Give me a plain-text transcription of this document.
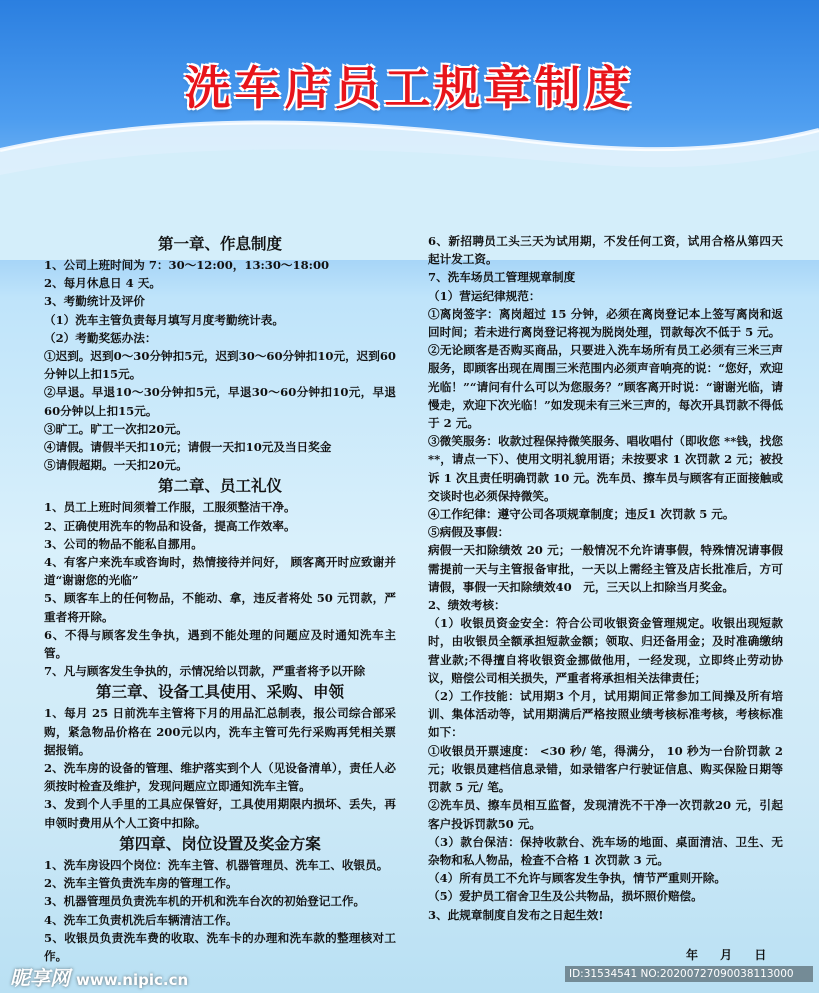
洗车店员工规章制度
第一章、作息制度
1、公司上班时间为 7：30～12:00，13:30～18:00
2、每月休息日 4 天。
3、考勤统计及评价
（1）洗车主管负责每月填写月度考勤统计表。
（2）考勤奖惩办法：
①迟到。迟到0～30分钟扣5元，迟到30～60分钟扣10元，迟到60分钟以上扣15元。
②早退。早退10～30分钟扣5元，早退30～60分钟扣10元，早退60分钟以上扣15元。
③旷工。旷工一次扣20元。
④请假。请假半天扣10元；请假一天扣10元及当日奖金
⑤请假超期。一天扣20元。
第二章、员工礼仪
1、员工上班时间须着工作服，工服须整洁干净。
2、正确使用洗车的物品和设备，提高工作效率。
3、公司的物品不能私自挪用。
4、有客户来洗车或咨询时，热情接待并问好， 顾客离开时应致谢并道“谢谢您的光临”
5、顾客车上的任何物品，不能动、拿，违反者将处 50 元罚款，严重者将开除。
6、不得与顾客发生争执，遇到不能处理的问题应及时通知洗车主管。
7、凡与顾客发生争执的，示情况给以罚款，严重者将予以开除
第三章、设备工具使用、采购、申领
1、每月 25 日前洗车主管将下月的用品汇总制表，报公司综合部采购，紧急物品价格在 200元以内，洗车主管可先行采购再凭相关票据报销。
2、洗车房的设备的管理、维护落实到个人（见设备清单），责任人必须按时检查及维护，发现问题应立即通知洗车主管。
3、发到个人手里的工具应保管好，工具使用期限内损坏、丢失，再申领时费用从个人工资中扣除。
第四章、岗位设置及奖金方案
1、洗车房设四个岗位：洗车主管、机器管理员、洗车工、收银员。
2、洗车主管负责洗车房的管理工作。
3、机器管理员负责洗车机的开机和洗车台次的初始登记工作。
4、洗车工负责机洗后车辆清洁工作。
5、收银员负责洗车费的收取、洗车卡的办理和洗车款的整理核对工作。
6、新招聘员工头三天为试用期，不发任何工资，试用合格从第四天起计发工资。
7、洗车场员工管理规章制度
（1）营运纪律规范：
①离岗签字：离岗超过 15 分钟，必须在离岗登记本上签写离岗和返回时间；若未进行离岗登记将视为脱岗处理，罚款每次不低于 5 元。
②无论顾客是否购买商品，只要进入洗车场所有员工必须有三米三声服务，即顾客出现在周围三米范围内必须声音响亮的说：“您好，欢迎光临！”“请问有什么可以为您服务？”顾客离开时说：“谢谢光临，请慢走，欢迎下次光临！”如发现未有三米三声的，每次开具罚款不得低于 2 元。
③微笑服务：收款过程保持微笑服务、唱收唱付（即收您 **钱，找您 **，请点一下）、使用文明礼貌用语；未按要求 1 次罚款 2 元；被投诉 1 次且责任明确罚款 10 元。洗车员、擦车员与顾客有正面接触或交谈时也必须保持微笑。
④工作纪律：遵守公司各项规章制度；违反1 次罚款 5 元。
⑤病假及事假：
病假一天扣除绩效 20 元；一般情况不允许请事假，特殊情况请事假需提前一天与主管报备审批，一天以上需经主管及店长批准后，方可请假，事假一天扣除绩效40　元，三天以上扣除当月奖金。
2、绩效考核：
（1）收银员资金安全：符合公司收银资金管理规定。收银出现短款时，由收银员全额承担短款金额；领取、归还备用金；及时准确缴纳营业款;不得擅自将收银资金挪做他用，一经发现，立即终止劳动协议，赔偿公司相关损失，严重者将承担相关法律责任；
（2）工作技能：试用期3 个月，试用期间正常参加工间操及所有培训、集体活动等，试用期满后严格按照业绩考核标准考核，考核标准如下：
①收银员开票速度： <30 秒/ 笔，得满分， 10 秒为一台阶罚款 2 元；收银员建档信息录错，如录错客户行驶证信息、购买保险日期等罚款 5 元/ 笔。
②洗车员、擦车员相互监督，发现清洗不干净一次罚款20 元，引起客户投诉罚款50 元。
（3）款台保洁：保持收款台、洗车场的地面、桌面清洁、卫生、无杂物和私人物品，检查不合格 1 次罚款 3 元。
（4）所有员工不允许与顾客发生争执，情节严重则开除。
（5）爱护员工宿舍卫生及公共物品，损坏照价赔偿。
3、此规章制度自发布之日起生效!
年 月 日
昵享网 www.nipic.cn	ID:31534541 NO:20200727090038113000
